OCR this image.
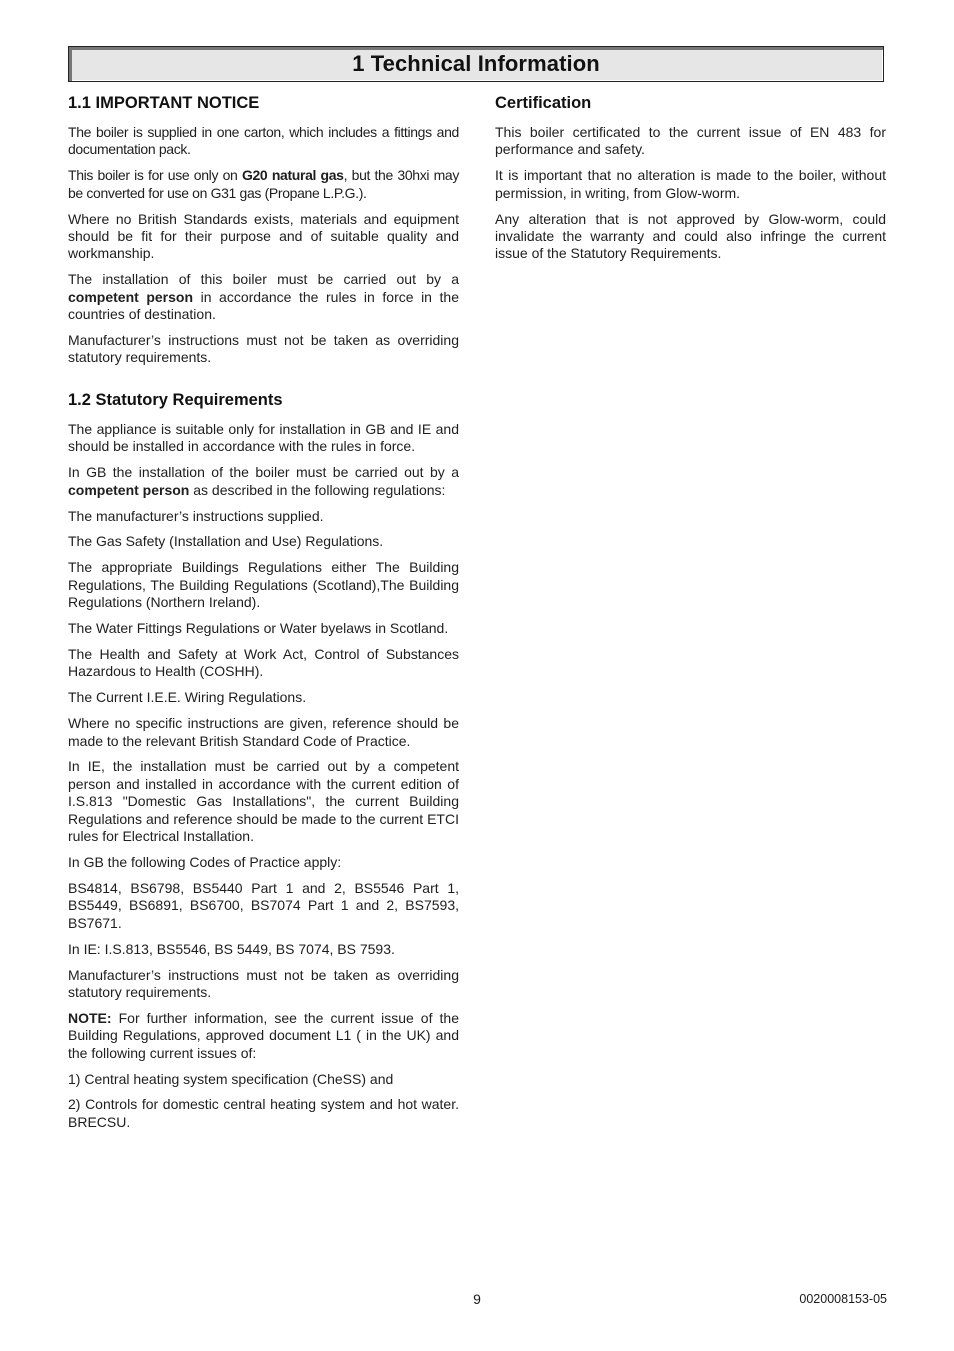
1 Technical Information
1.1 IMPORTANT NOTICE

The boiler is supplied in one carton, which includes a fittings and documentation pack.

This boiler is for use only on G20 natural gas, but the 30hxi may be converted for use on G31 gas (Propane L.P.G.).

Where no British Standards exists, materials and equipment should be fit for their purpose and of suitable quality and workmanship.

The installation of this boiler must be carried out by a competent person in accordance the rules in force in the countries of destination.

Manufacturer’s instructions must not be taken as overriding statutory requirements.

1.2 Statutory Requirements

The appliance is suitable only for installation in GB and IE and should be installed in accordance with the rules in force.

In GB the installation of the boiler must be carried out by a competent person as described in the following regulations:

The manufacturer’s instructions supplied.

The Gas Safety (Installation and Use) Regulations.

The appropriate Buildings Regulations either The Building Regulations, The Building Regulations (Scotland),The Building Regulations (Northern Ireland).

The Water Fittings Regulations or Water byelaws in Scotland.

The Health and Safety at Work Act, Control of Substances Hazardous to Health (COSHH).

The Current I.E.E. Wiring Regulations.

Where no specific instructions are given, reference should be made to the relevant British Standard Code of Practice.

In IE, the installation must be carried out by a competent person and installed in accordance with the current edition of I.S.813 "Domestic Gas Installations", the current Building Regulations and reference should be made to the current ETCI rules for Electrical Installation.

In GB the following Codes of Practice apply:

BS4814, BS6798, BS5440 Part 1 and 2, BS5546 Part 1, BS5449, BS6891, BS6700, BS7074 Part 1 and 2, BS7593, BS7671.

In IE: I.S.813, BS5546, BS 5449, BS 7074, BS 7593.

Manufacturer’s instructions must not be taken as overriding statutory requirements.

NOTE: For further information, see the current issue of the Building Regulations, approved document L1 ( in the UK) and the following current issues of:

1) Central heating system specification (CheSS) and

2) Controls for domestic central heating system and hot water. BRECSU.

Certification

This boiler certificated to the current issue of EN 483 for performance and safety.

It is important that no alteration is made to the boiler, without permission, in writing, from Glow-worm.

Any alteration that is not approved by Glow-worm, could invalidate the warranty and could also infringe the current issue of the Statutory Requirements.

9	0020008153-05
